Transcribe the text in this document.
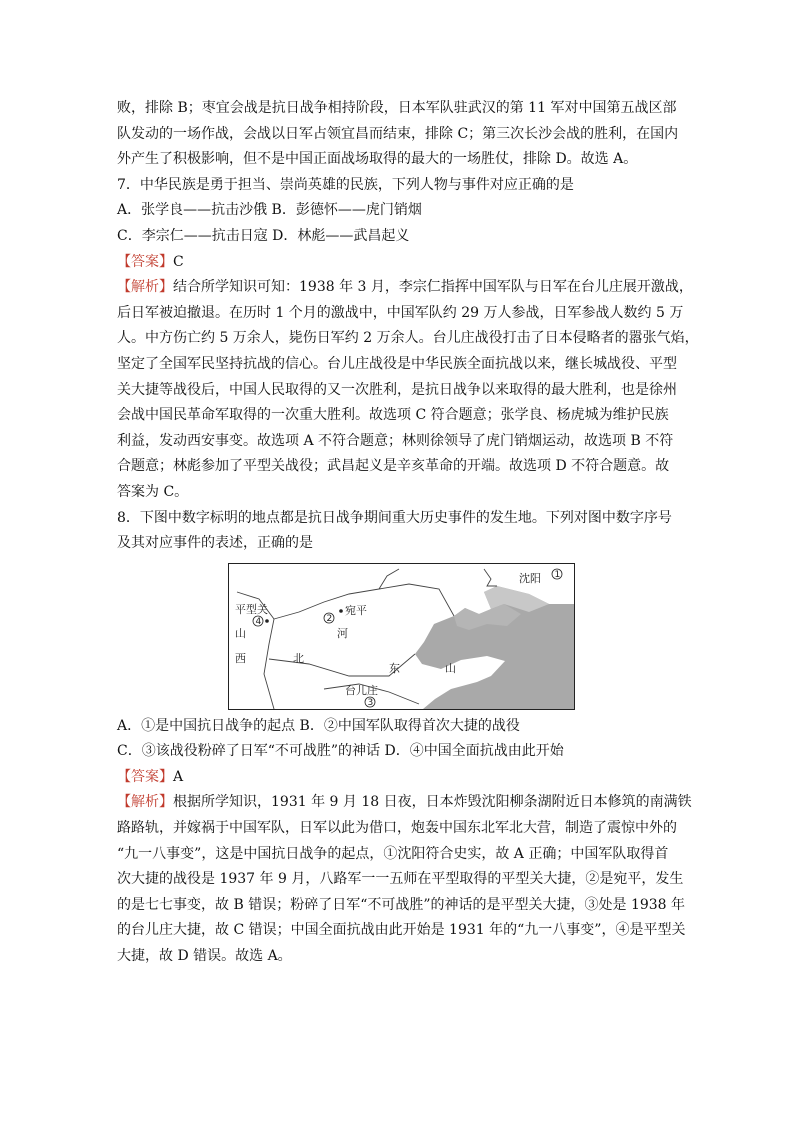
败，排除 B；枣宜会战是抗日战争相持阶段，日本军队驻武汉的第 11 军对中国第五战区部
队发动的一场作战，会战以日军占领宜昌而结束，排除 C；第三次长沙会战的胜利，在国内
外产生了积极影响，但不是中国正面战场取得的最大的一场胜仗，排除 D。故选 A。
7．中华民族是勇于担当、崇尚英雄的民族，下列人物与事件对应正确的是
A．张学良——抗击沙俄 B．彭德怀——虎门销烟
C．李宗仁——抗击日寇 D．林彪——武昌起义
【答案】C
【解析】结合所学知识可知：1938 年 3 月，李宗仁指挥中国军队与日军在台儿庄展开激战，
后日军被迫撤退。在历时 1 个月的激战中，中国军队约 29 万人参战，日军参战人数约 5 万
人。中方伤亡约 5 万余人，毙伤日军约 2 万余人。台儿庄战役打击了日本侵略者的嚣张气焰，
坚定了全国军民坚持抗战的信心。台儿庄战役是中华民族全面抗战以来，继长城战役、平型
关大捷等战役后，中国人民取得的又一次胜利，是抗日战争以来取得的最大胜利，也是徐州
会战中国民革命军取得的一次重大胜利。故选项 C 符合题意；张学良、杨虎城为维护民族
利益，发动西安事变。故选项 A 不符合题意；林则徐领导了虎门销烟运动，故选项 B 不符
合题意；林彪参加了平型关战役；武昌起义是辛亥革命的开端。故选项 D 不符合题意。故
答案为 C。
8．下图中数字标明的地点都是抗日战争期间重大历史事件的发生地。下列对图中数字序号
及其对应事件的表述，正确的是
沈阳 1
平型关
4	2
宛平
山
西
河
北
东	山
台儿庄
3
A．①是中国抗日战争的起点 B．②中国军队取得首次大捷的战役
C．③该战役粉碎了日军“不可战胜”的神话 D．④中国全面抗战由此开始
【答案】A
【解析】根据所学知识，1931 年 9 月 18 日夜，日本炸毁沈阳柳条湖附近日本修筑的南满铁
路路轨，并嫁祸于中国军队，日军以此为借口，炮轰中国东北军北大营，制造了震惊中外的
“九一八事变”，这是中国抗日战争的起点，①沈阳符合史实，故 A 正确；中国军队取得首
次大捷的战役是 1937 年 9 月，八路军一一五师在平型取得的平型关大捷，②是宛平，发生
的是七七事变，故 B 错误；粉碎了日军“不可战胜”的神话的是平型关大捷，③处是 1938 年
的台儿庄大捷，故 C 错误；中国全面抗战由此开始是 1931 年的“九一八事变”，④是平型关
大捷，故 D 错误。故选 A。
